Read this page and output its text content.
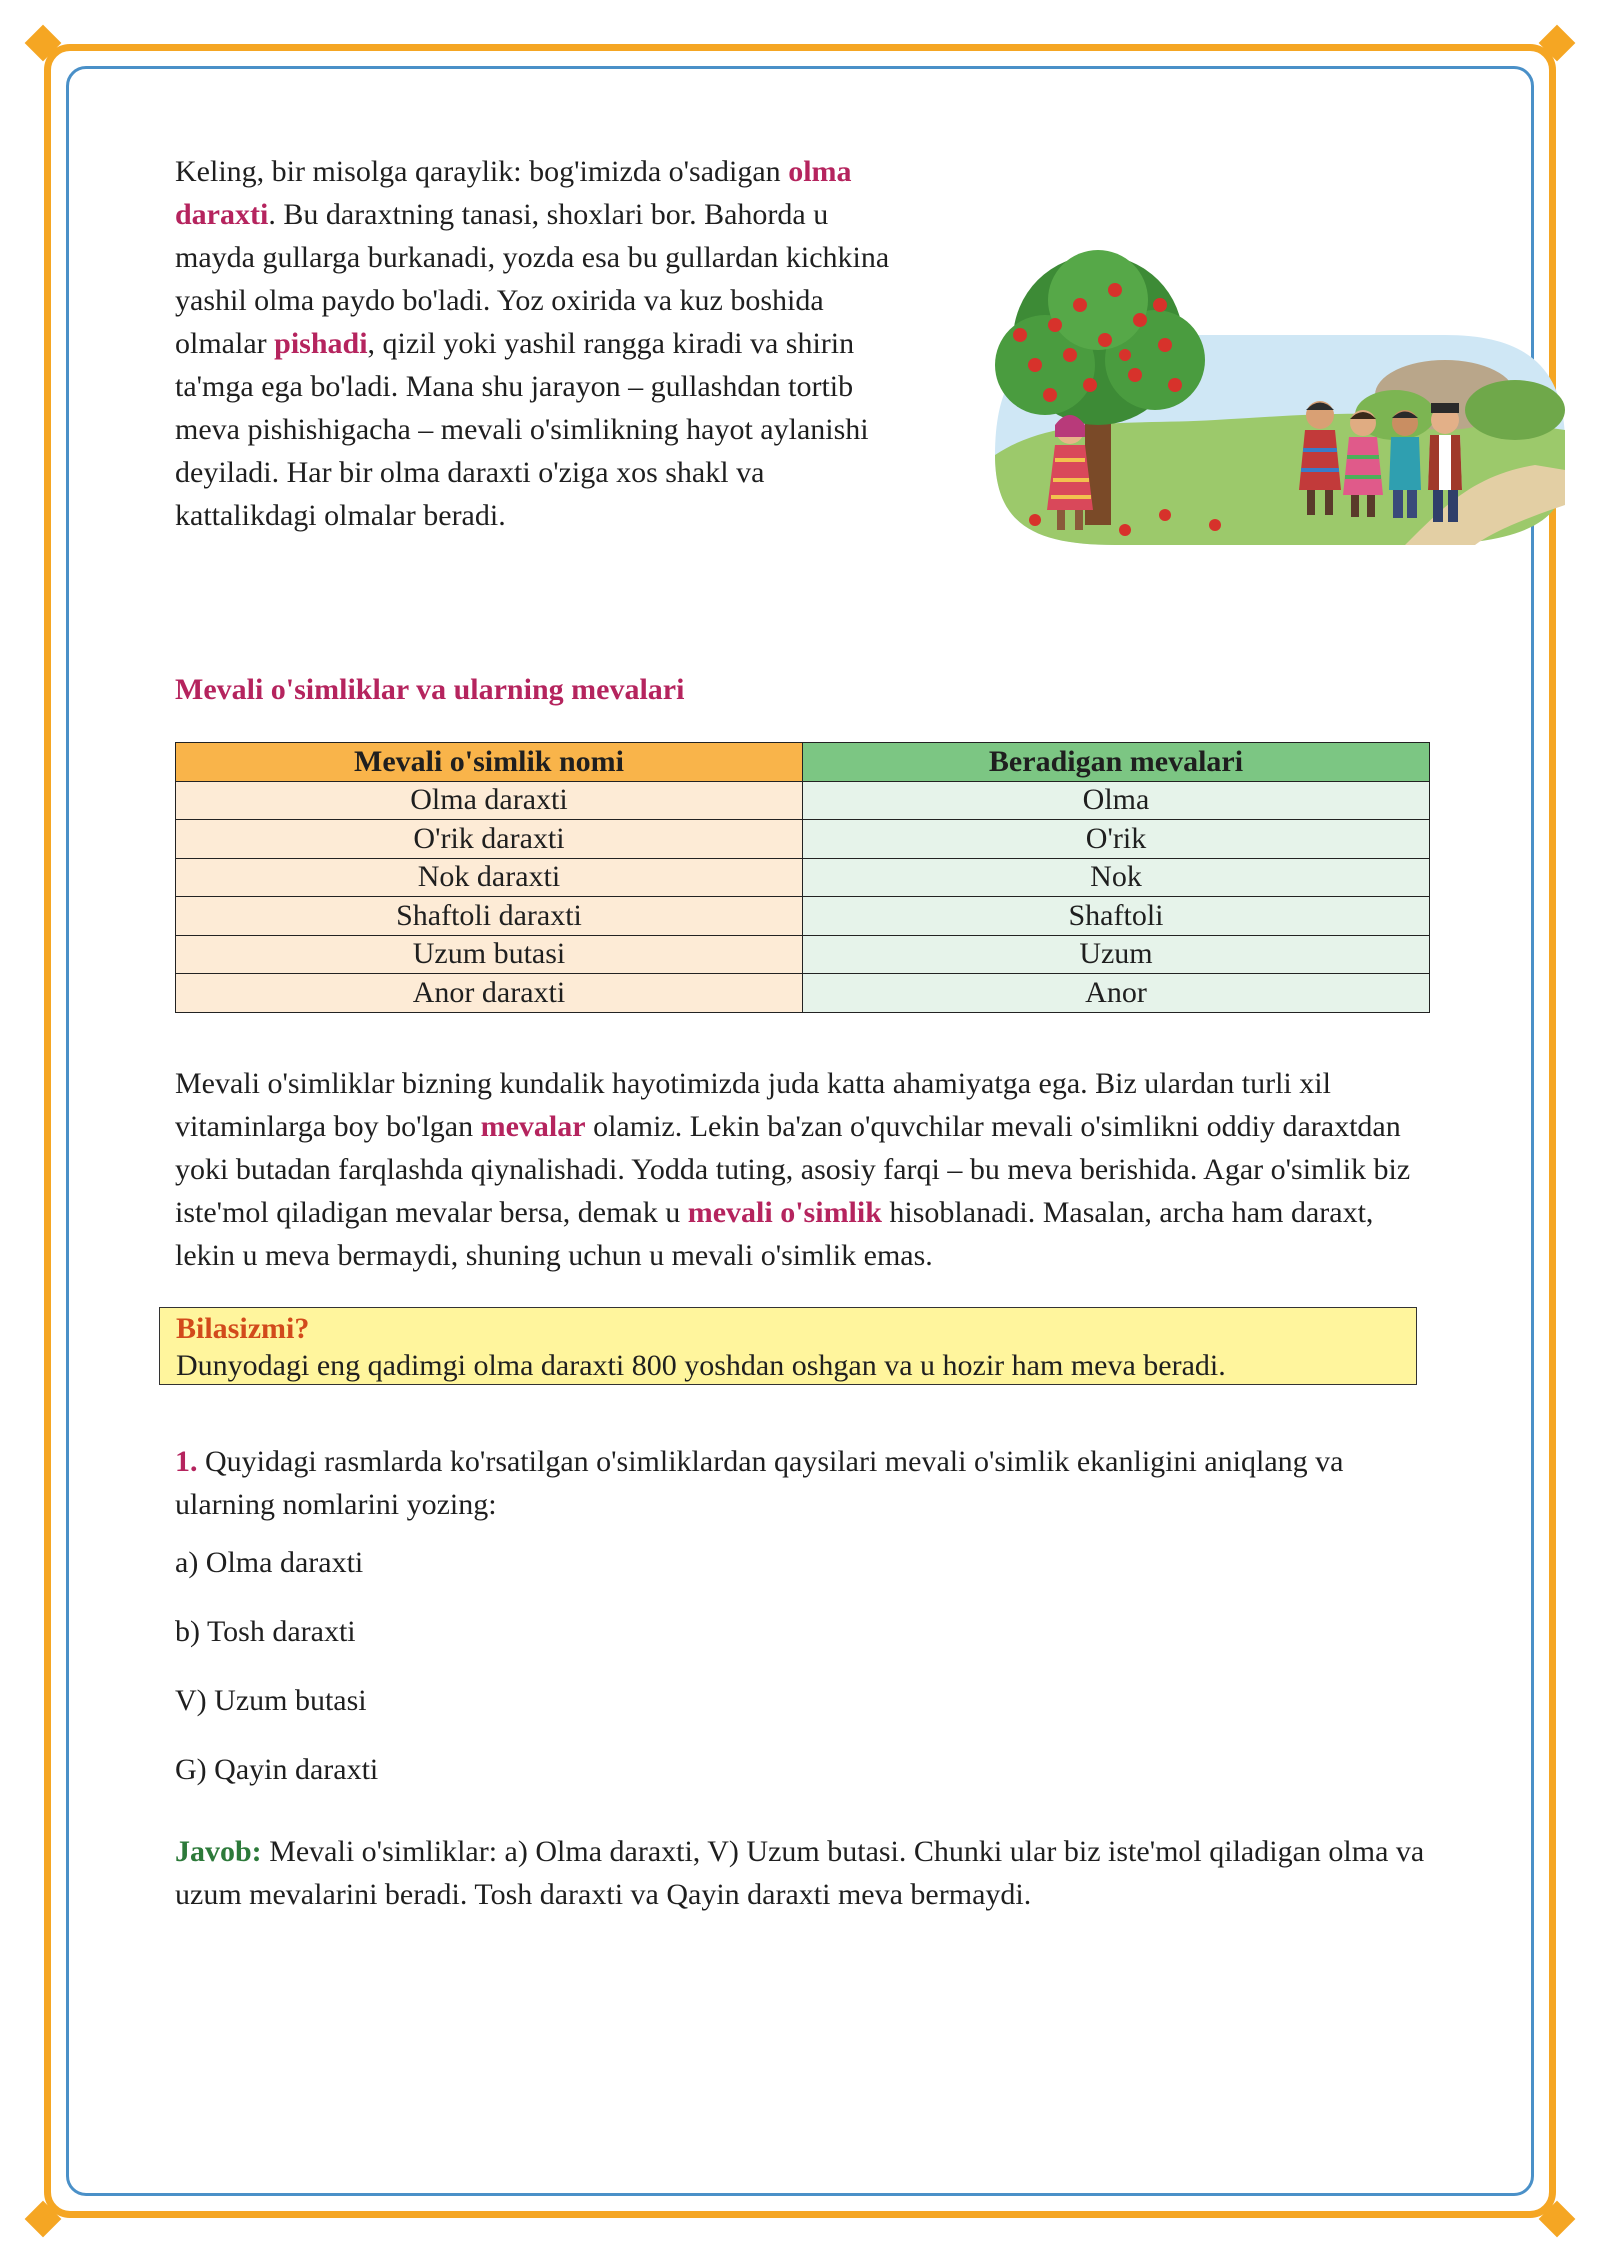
Keling, bir misolga qaraylik: bog'imizda o'sadigan olma daraxti. Bu daraxtning tanasi, shoxlari bor. Bahorda u mayda gullarga burkanadi, yozda esa bu gullardan kichkina yashil olma paydo bo'ladi. Yoz oxirida va kuz boshida olmalar pishadi, qizil yoki yashil rangga kiradi va shirin ta'mga ega bo'ladi. Mana shu jarayon – gullashdan tortib meva pishishigacha – mevali o'simlikning hayot aylanishi deyiladi. Har bir olma daraxti o'ziga xos shakl va kattalikdagi olmalar beradi.

Mevali o'simliklar va ularning mevalari
Mevali o'simlik nomi	Beradigan mevalari
Olma daraxti	Olma
O'rik daraxti	O'rik
Nok daraxti	Nok
Shaftoli daraxti	Shaftoli
Uzum butasi	Uzum
Anor daraxti	Anor

Mevali o'simliklar bizning kundalik hayotimizda juda katta ahamiyatga ega. Biz ulardan turli xil vitaminlarga boy bo'lgan mevalar olamiz. Lekin ba'zan o'quvchilar mevali o'simlikni oddiy daraxtdan yoki butadan farqlashda qiynalishadi. Yodda tuting, asosiy farqi – bu meva berishida. Agar o'simlik biz iste'mol qiladigan mevalar bersa, demak u mevali o'simlik hisoblanadi. Masalan, archa ham daraxt, lekin u meva bermaydi, shuning uchun u mevali o'simlik emas.

Bilasizmi?
Dunyodagi eng qadimgi olma daraxti 800 yoshdan oshgan va u hozir ham meva beradi.

1. Quyidagi rasmlarda ko'rsatilgan o'simliklardan qaysilari mevali o'simlik ekanligini aniqlang va ularning nomlarini yozing:

a) Olma daraxti
b) Tosh daraxti
V) Uzum butasi
G) Qayin daraxti

Javob: Mevali o'simliklar: a) Olma daraxti, V) Uzum butasi. Chunki ular biz iste'mol qiladigan olma va uzum mevalarini beradi. Tosh daraxti va Qayin daraxti meva bermaydi.
